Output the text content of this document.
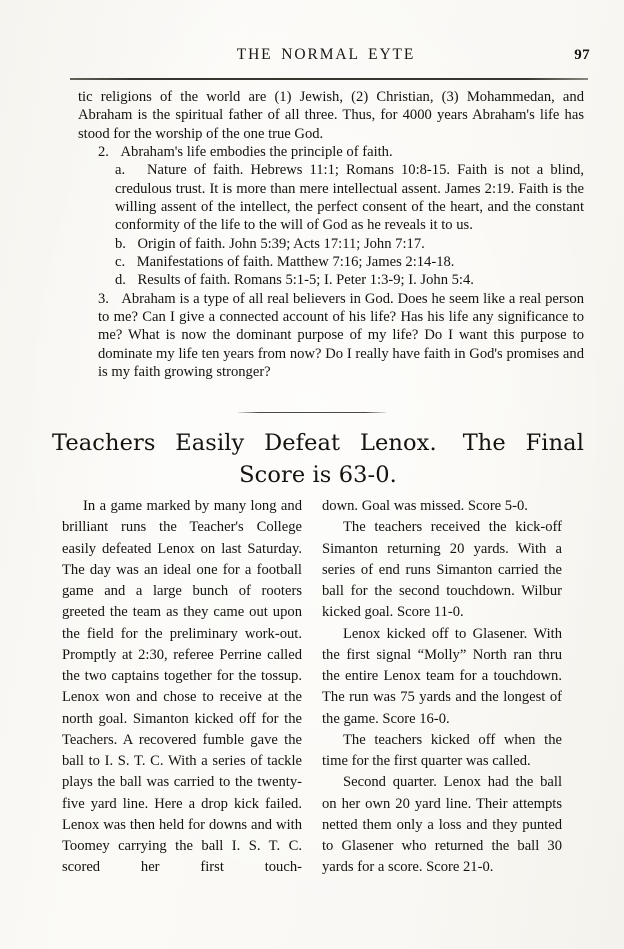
THE NORMAL EYTE	97

tic religions of the world are (1) Jewish, (2) Christian, (3) Mohammedan, and Abraham is the spiritual father of all three. Thus, for 4000 years Abraham's life has stood for the worship of the one true God.

2. Abraham's life embodies the principle of faith.

a. Nature of faith. Hebrews 11:1; Romans 10:8-15. Faith is not a blind, credulous trust. It is more than mere intellectual assent. James 2:19. Faith is the willing assent of the intellect, the perfect consent of the heart, and the constant conformity of the life to the will of God as he reveals it to us.

b. Origin of faith. John 5:39; Acts 17:11; John 7:17.

c. Manifestations of faith. Matthew 7:16; James 2:14-18.

d. Results of faith. Romans 5:1-5; I. Peter 1:3-9; I. John 5:4.

3. Abraham is a type of all real believers in God. Does he seem like a real person to me? Can I give a connected account of his life? Has his life any significance to me? What is now the dominant purpose of my life? Do I want this purpose to dominate my life ten years from now? Do I really have faith in God's promises and is my faith growing stronger?

Teachers Easily Defeat Lenox. The Final
Score is 63-0.

In a game marked by many long and brilliant runs the Teacher's College easily defeated Lenox on last Saturday. The day was an ideal one for a football game and a large bunch of rooters greeted the team as they came out upon the field for the preliminary work-out. Promptly at 2:30, referee Perrine called the two captains together for the tossup. Lenox won and chose to receive at the north goal. Simanton kicked off for the Teachers. A recovered fumble gave the ball to I. S. T. C. With a series of tackle plays the ball was carried to the twenty-five yard line. Here a drop kick failed. Lenox was then held for downs and with Toomey carrying the ball I. S. T. C. scored her first touch-

down. Goal was missed. Score 5-0.

The teachers received the kick-off Simanton returning 20 yards. With a series of end runs Simanton carried the ball for the second touchdown. Wilbur kicked goal. Score 11-0.

Lenox kicked off to Glasener. With the first signal “Molly” North ran thru the entire Lenox team for a touchdown. The run was 75 yards and the longest of the game. Score 16-0.

The teachers kicked off when the time for the first quarter was called.

Second quarter. Lenox had the ball on her own 20 yard line. Their attempts netted them only a loss and they punted to Glasener who returned the ball 30 yards for a score. Score 21-0.
